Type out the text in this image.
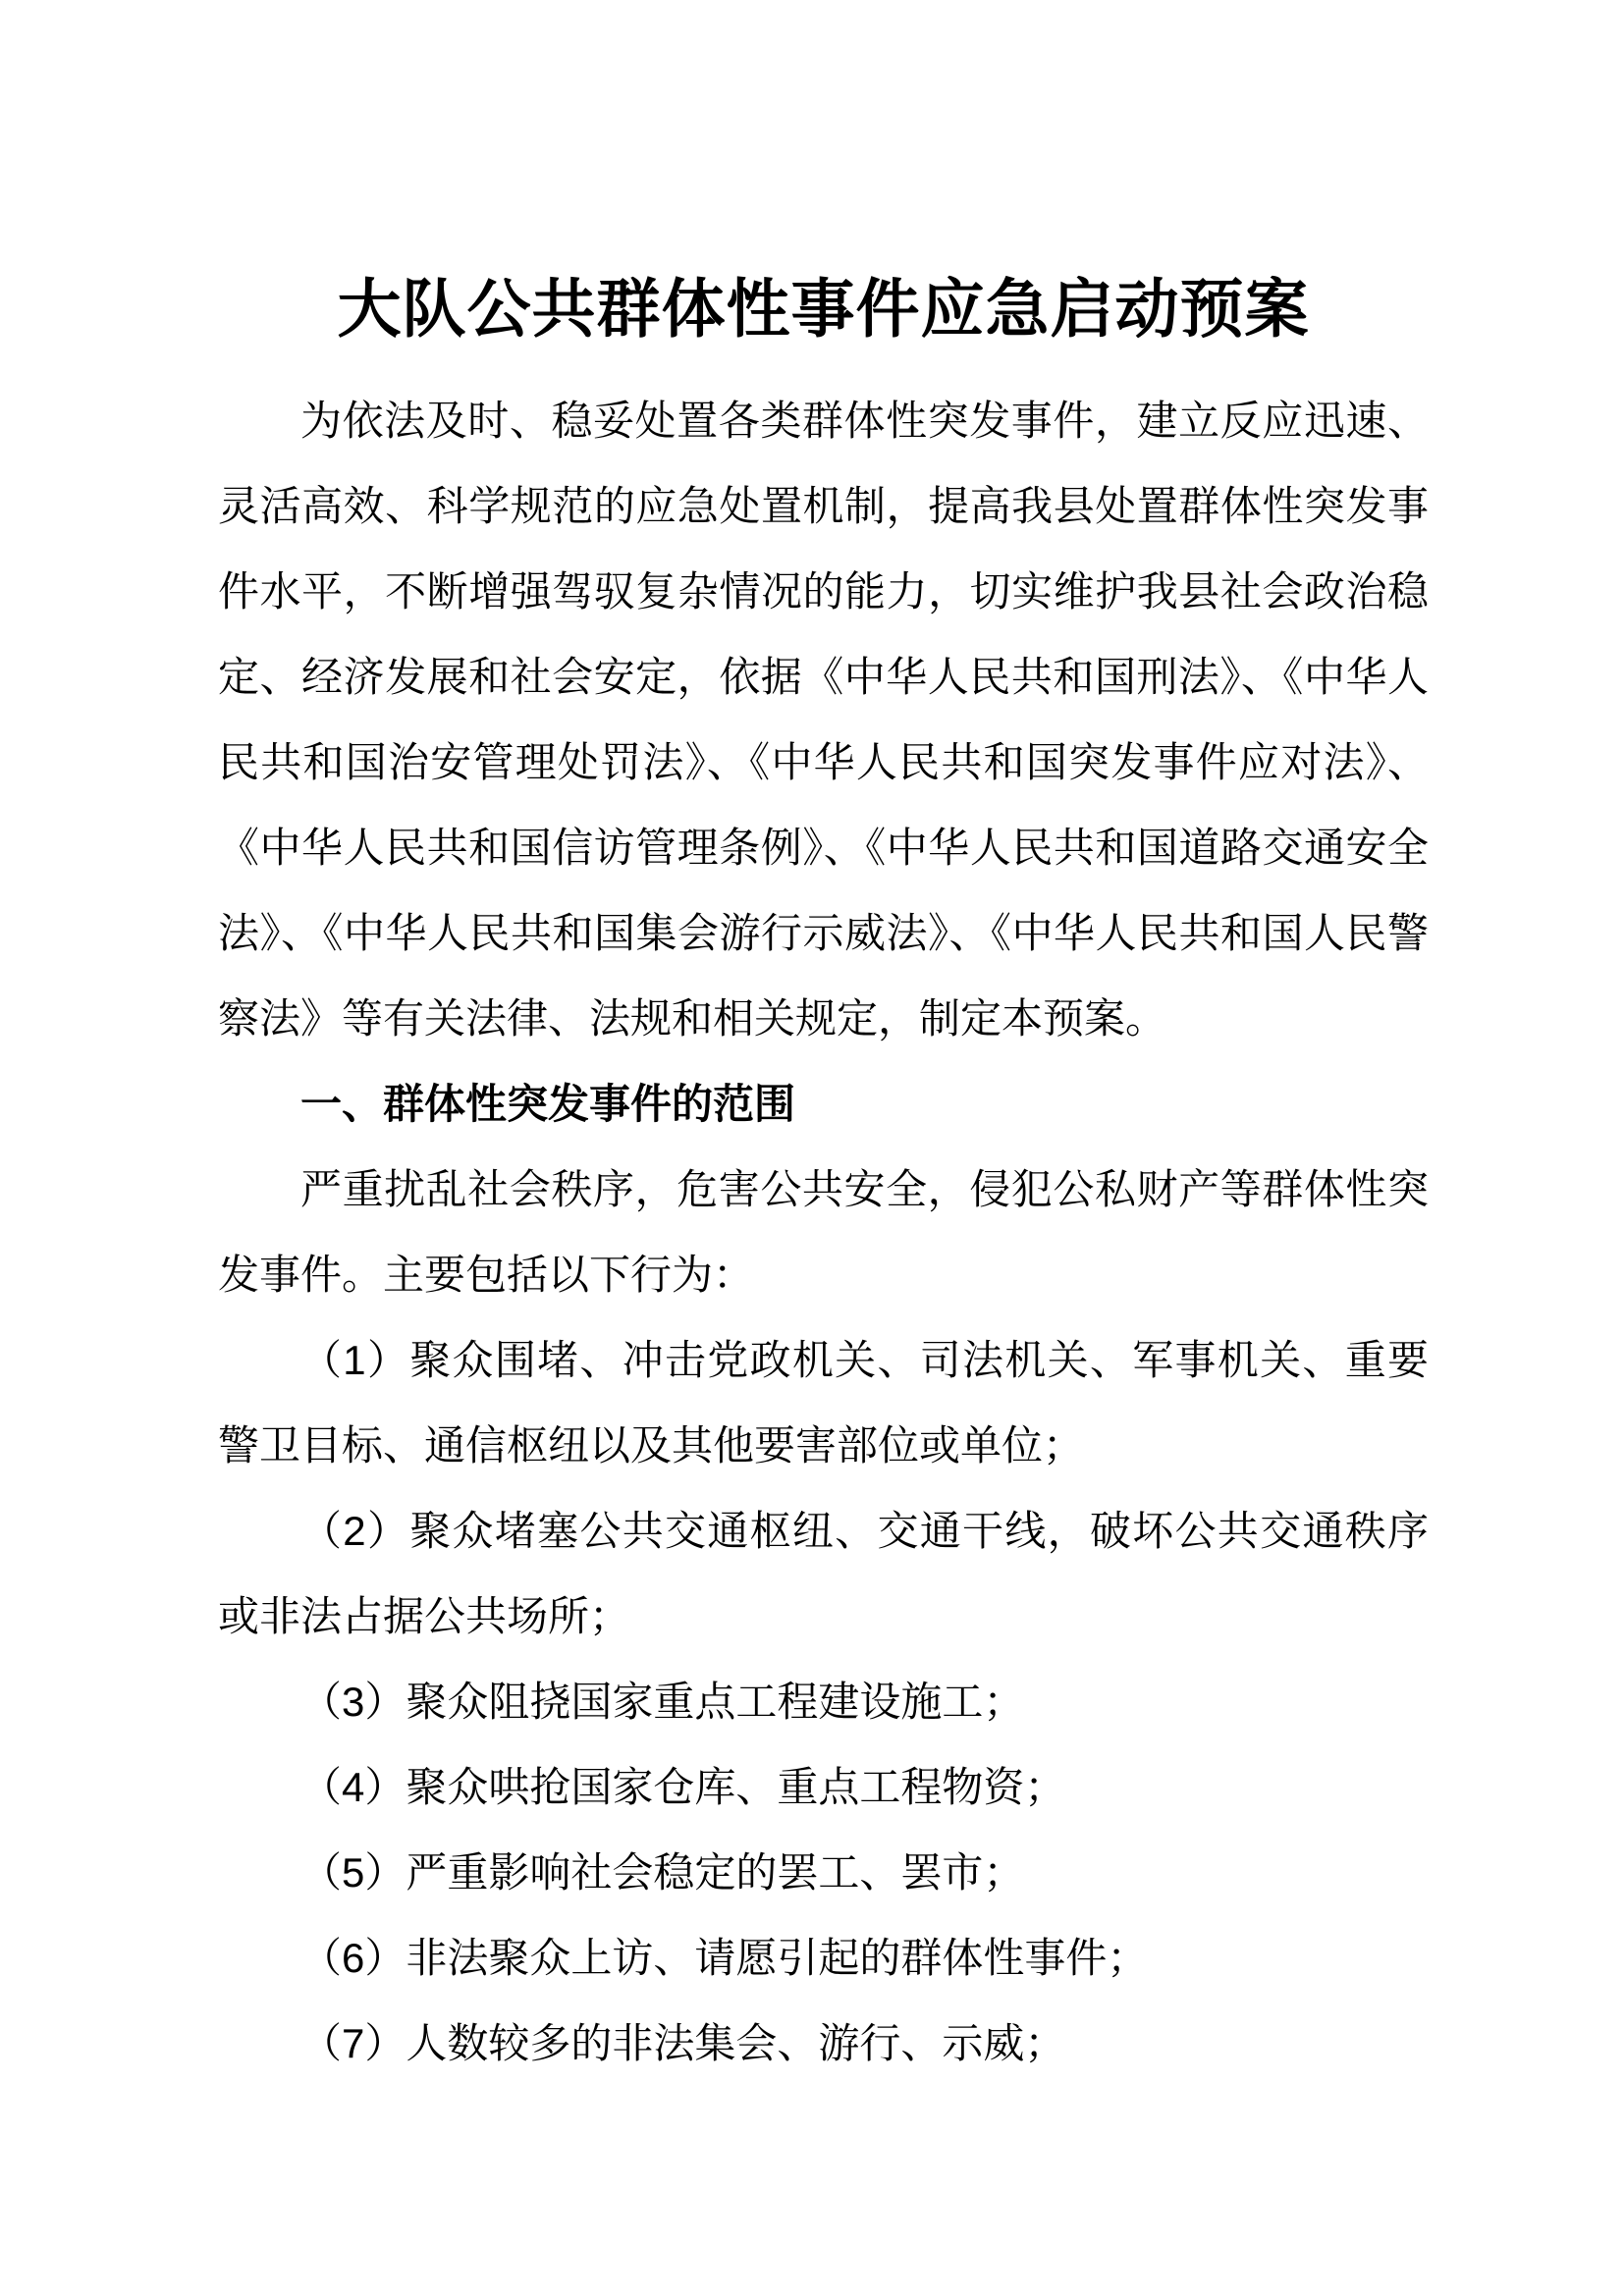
大队公共群体性事件应急启动预案

为依法及时、稳妥处置各类群体性突发事件，建立反应迅速、灵活高效、科学规范的应急处置机制，提高我县处置群体性突发事件水平，不断增强驾驭复杂情况的能力，切实维护我县社会政治稳定、经济发展和社会安定，依据《中华人民共和国刑法》、《中华人民共和国治安管理处罚法》、《中华人民共和国突发事件应对法》、《中华人民共和国信访管理条例》、《中华人民共和国道路交通安全法》、《中华人民共和国集会游行示威法》、《中华人民共和国人民警察法》等有关法律、法规和相关规定，制定本预案。

一、群体性突发事件的范围

严重扰乱社会秩序，危害公共安全，侵犯公私财产等群体性突发事件。主要包括以下行为：

（1）聚众围堵、冲击党政机关、司法机关、军事机关、重要警卫目标、通信枢纽以及其他要害部位或单位；

（2）聚众堵塞公共交通枢纽、交通干线，破坏公共交通秩序或非法占据公共场所；

（3）聚众阻挠国家重点工程建设施工；

（4）聚众哄抢国家仓库、重点工程物资；

（5）严重影响社会稳定的罢工、罢市；

（6）非法聚众上访、请愿引起的群体性事件；

（7）人数较多的非法集会、游行、示威；
